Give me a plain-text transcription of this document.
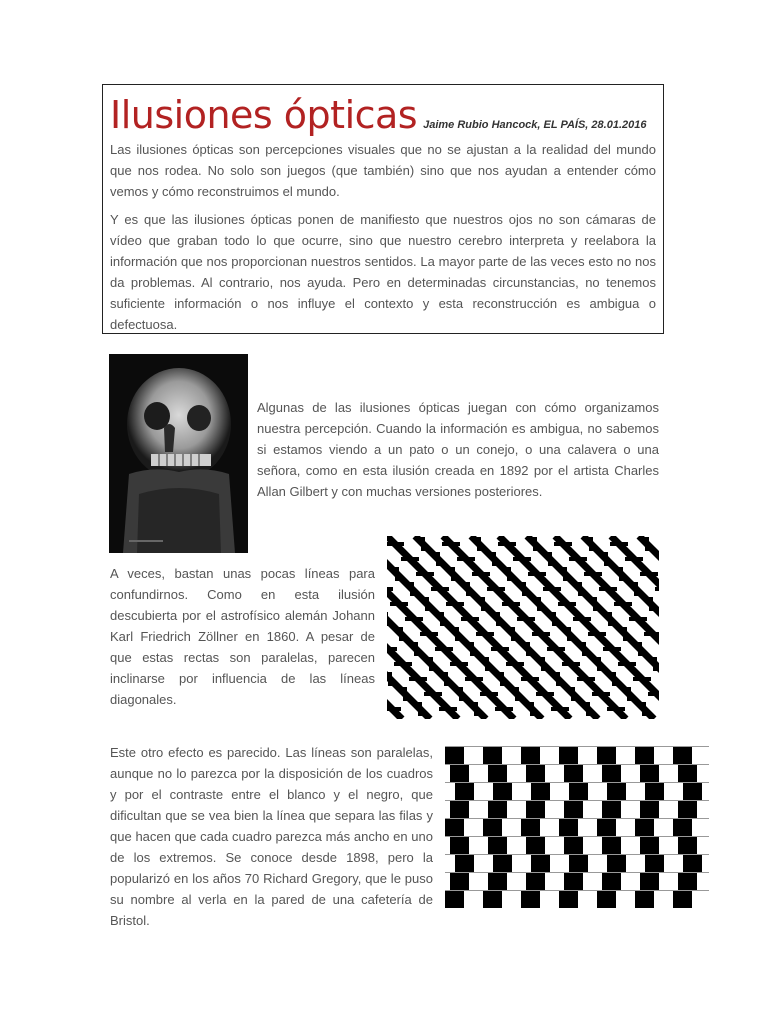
Ilusiones ópticas Jaime Rubio Hancock, EL PAÍS, 28.01.2016

Las ilusiones ópticas son percepciones visuales que no se ajustan a la realidad del mundo que nos rodea. No solo son juegos (que también) sino que nos ayudan a entender cómo vemos y cómo reconstruimos el mundo.

Y es que las ilusiones ópticas ponen de manifiesto que nuestros ojos no son cámaras de vídeo que graban todo lo que ocurre, sino que nuestro cerebro interpreta y reelabora la información que nos proporcionan nuestros sentidos. La mayor parte de las veces esto no nos da problemas. Al contrario, nos ayuda. Pero en determinadas circunstancias, no tenemos suficiente información o nos influye el contexto y esta reconstrucción es ambigua o defectuosa.

Algunas de las ilusiones ópticas juegan con cómo organizamos nuestra percepción. Cuando la información es ambigua, no sabemos si estamos viendo a un pato o un conejo, o una calavera o una señora, como en esta ilusión creada en 1892 por el artista Charles Allan Gilbert y con muchas versiones posteriores.

A veces, bastan unas pocas líneas para confundirnos. Como en esta ilusión descubierta por el astrofísico alemán Johann Karl Friedrich Zöllner en 1860. A pesar de que estas rectas son paralelas, parecen inclinarse por influencia de las líneas diagonales.

Este otro efecto es parecido. Las líneas son paralelas, aunque no lo parezca por la disposición de los cuadros y por el contraste entre el blanco y el negro, que dificultan que se vea bien la línea que separa las filas y que hacen que cada cuadro parezca más ancho en uno de los extremos. Se conoce desde 1898, pero la popularizó en los años 70 Richard Gregory, que le puso su nombre al verla en la pared de una cafetería de Bristol.
